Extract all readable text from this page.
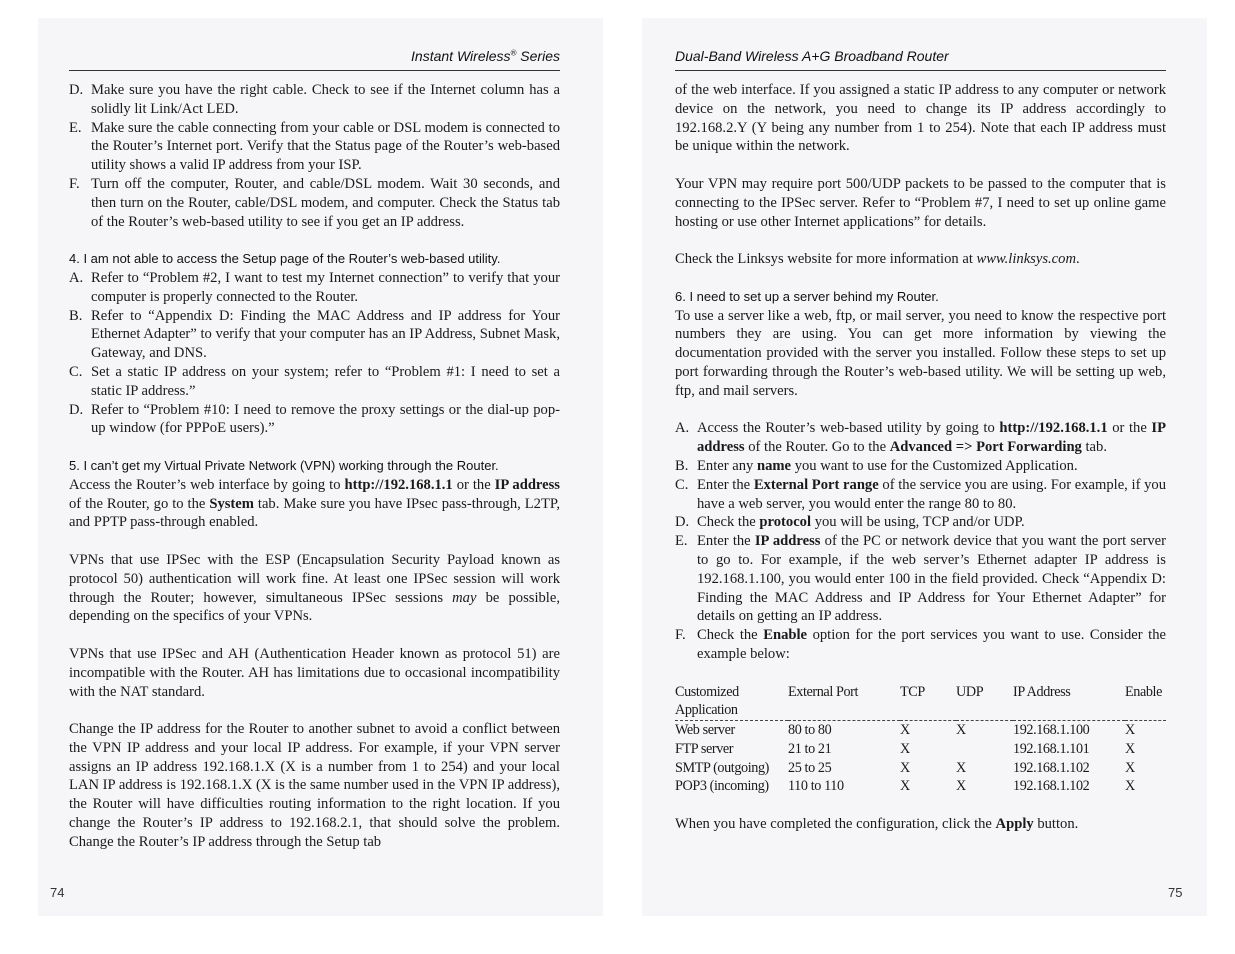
Instant Wireless® Series
D. Make sure you have the right cable. Check to see if the Internet column has a solidly lit Link/Act LED.
E. Make sure the cable connecting from your cable or DSL modem is connected to the Router’s Internet port. Verify that the Status page of the Router’s web-based utility shows a valid IP address from your ISP.
F. Turn off the computer, Router, and cable/DSL modem. Wait 30 seconds, and then turn on the Router, cable/DSL modem, and computer. Check the Status tab of the Router’s web-based utility to see if you get an IP address.
4. I am not able to access the Setup page of the Router’s web-based utility.
A. Refer to “Problem #2, I want to test my Internet connection” to verify that your computer is properly connected to the Router.
B. Refer to “Appendix D: Finding the MAC Address and IP address for Your Ethernet Adapter” to verify that your computer has an IP Address, Subnet Mask, Gateway, and DNS.
C. Set a static IP address on your system; refer to “Problem #1: I need to set a static IP address.”
D. Refer to “Problem #10: I need to remove the proxy settings or the dial-up pop-up window (for PPPoE users).”
5. I can’t get my Virtual Private Network (VPN) working through the Router.

Access the Router’s web interface by going to http://192.168.1.1 or the IP address of the Router, go to the System tab. Make sure you have IPsec pass-through, L2TP, and PPTP pass-through enabled.

VPNs that use IPSec with the ESP (Encapsulation Security Payload known as protocol 50) authentication will work fine. At least one IPSec session will work through the Router; however, simultaneous IPSec sessions may be possible, depending on the specifics of your VPNs.

VPNs that use IPSec and AH (Authentication Header known as protocol 51) are incompatible with the Router. AH has limitations due to occasional incompatibility with the NAT standard.

Change the IP address for the Router to another subnet to avoid a conflict between the VPN IP address and your local IP address. For example, if your VPN server assigns an IP address 192.168.1.X (X is a number from 1 to 254) and your local LAN IP address is 192.168.1.X (X is the same number used in the VPN IP address), the Router will have difficulties routing information to the right location. If you change the Router’s IP address to 192.168.2.1, that should solve the problem. Change the Router’s IP address through the Setup tab

74
Dual-Band Wireless A+G Broadband Router

of the web interface. If you assigned a static IP address to any computer or network device on the network, you need to change its IP address accordingly to 192.168.2.Y (Y being any number from 1 to 254). Note that each IP address must be unique within the network.

Your VPN may require port 500/UDP packets to be passed to the computer that is connecting to the IPSec server. Refer to “Problem #7, I need to set up online game hosting or use other Internet applications” for details.

Check the Linksys website for more information at www.linksys.com.

6. I need to set up a server behind my Router.

To use a server like a web, ftp, or mail server, you need to know the respective port numbers they are using. You can get more information by viewing the documentation provided with the server you installed. Follow these steps to set up port forwarding through the Router’s web-based utility. We will be setting up web, ftp, and mail servers.

A. Access the Router’s web-based utility by going to http://192.168.1.1 or the IP address of the Router. Go to the Advanced => Port Forwarding tab.
B. Enter any name you want to use for the Customized Application.
C. Enter the External Port range of the service you are using. For example, if you have a web server, you would enter the range 80 to 80.
D. Check the protocol you will be using, TCP and/or UDP.
E. Enter the IP address of the PC or network device that you want the port server to go to. For example, if the web server’s Ethernet adapter IP address is 192.168.1.100, you would enter 100 in the field provided. Check “Appendix D: Finding the MAC Address and IP Address for Your Ethernet Adapter” for details on getting an IP address.
F. Check the Enable option for the port services you want to use. Consider the example below:
Customized Application	External Port	TCP	UDP	IP Address	Enable
Web server	80 to 80	X	X	192.168.1.100	X
FTP server	21 to 21	X		192.168.1.101	X
SMTP (outgoing)	25 to 25	X	X	192.168.1.102	X
POP3 (incoming)	110 to 110	X	X	192.168.1.102	X

When you have completed the configuration, click the Apply button.

75
